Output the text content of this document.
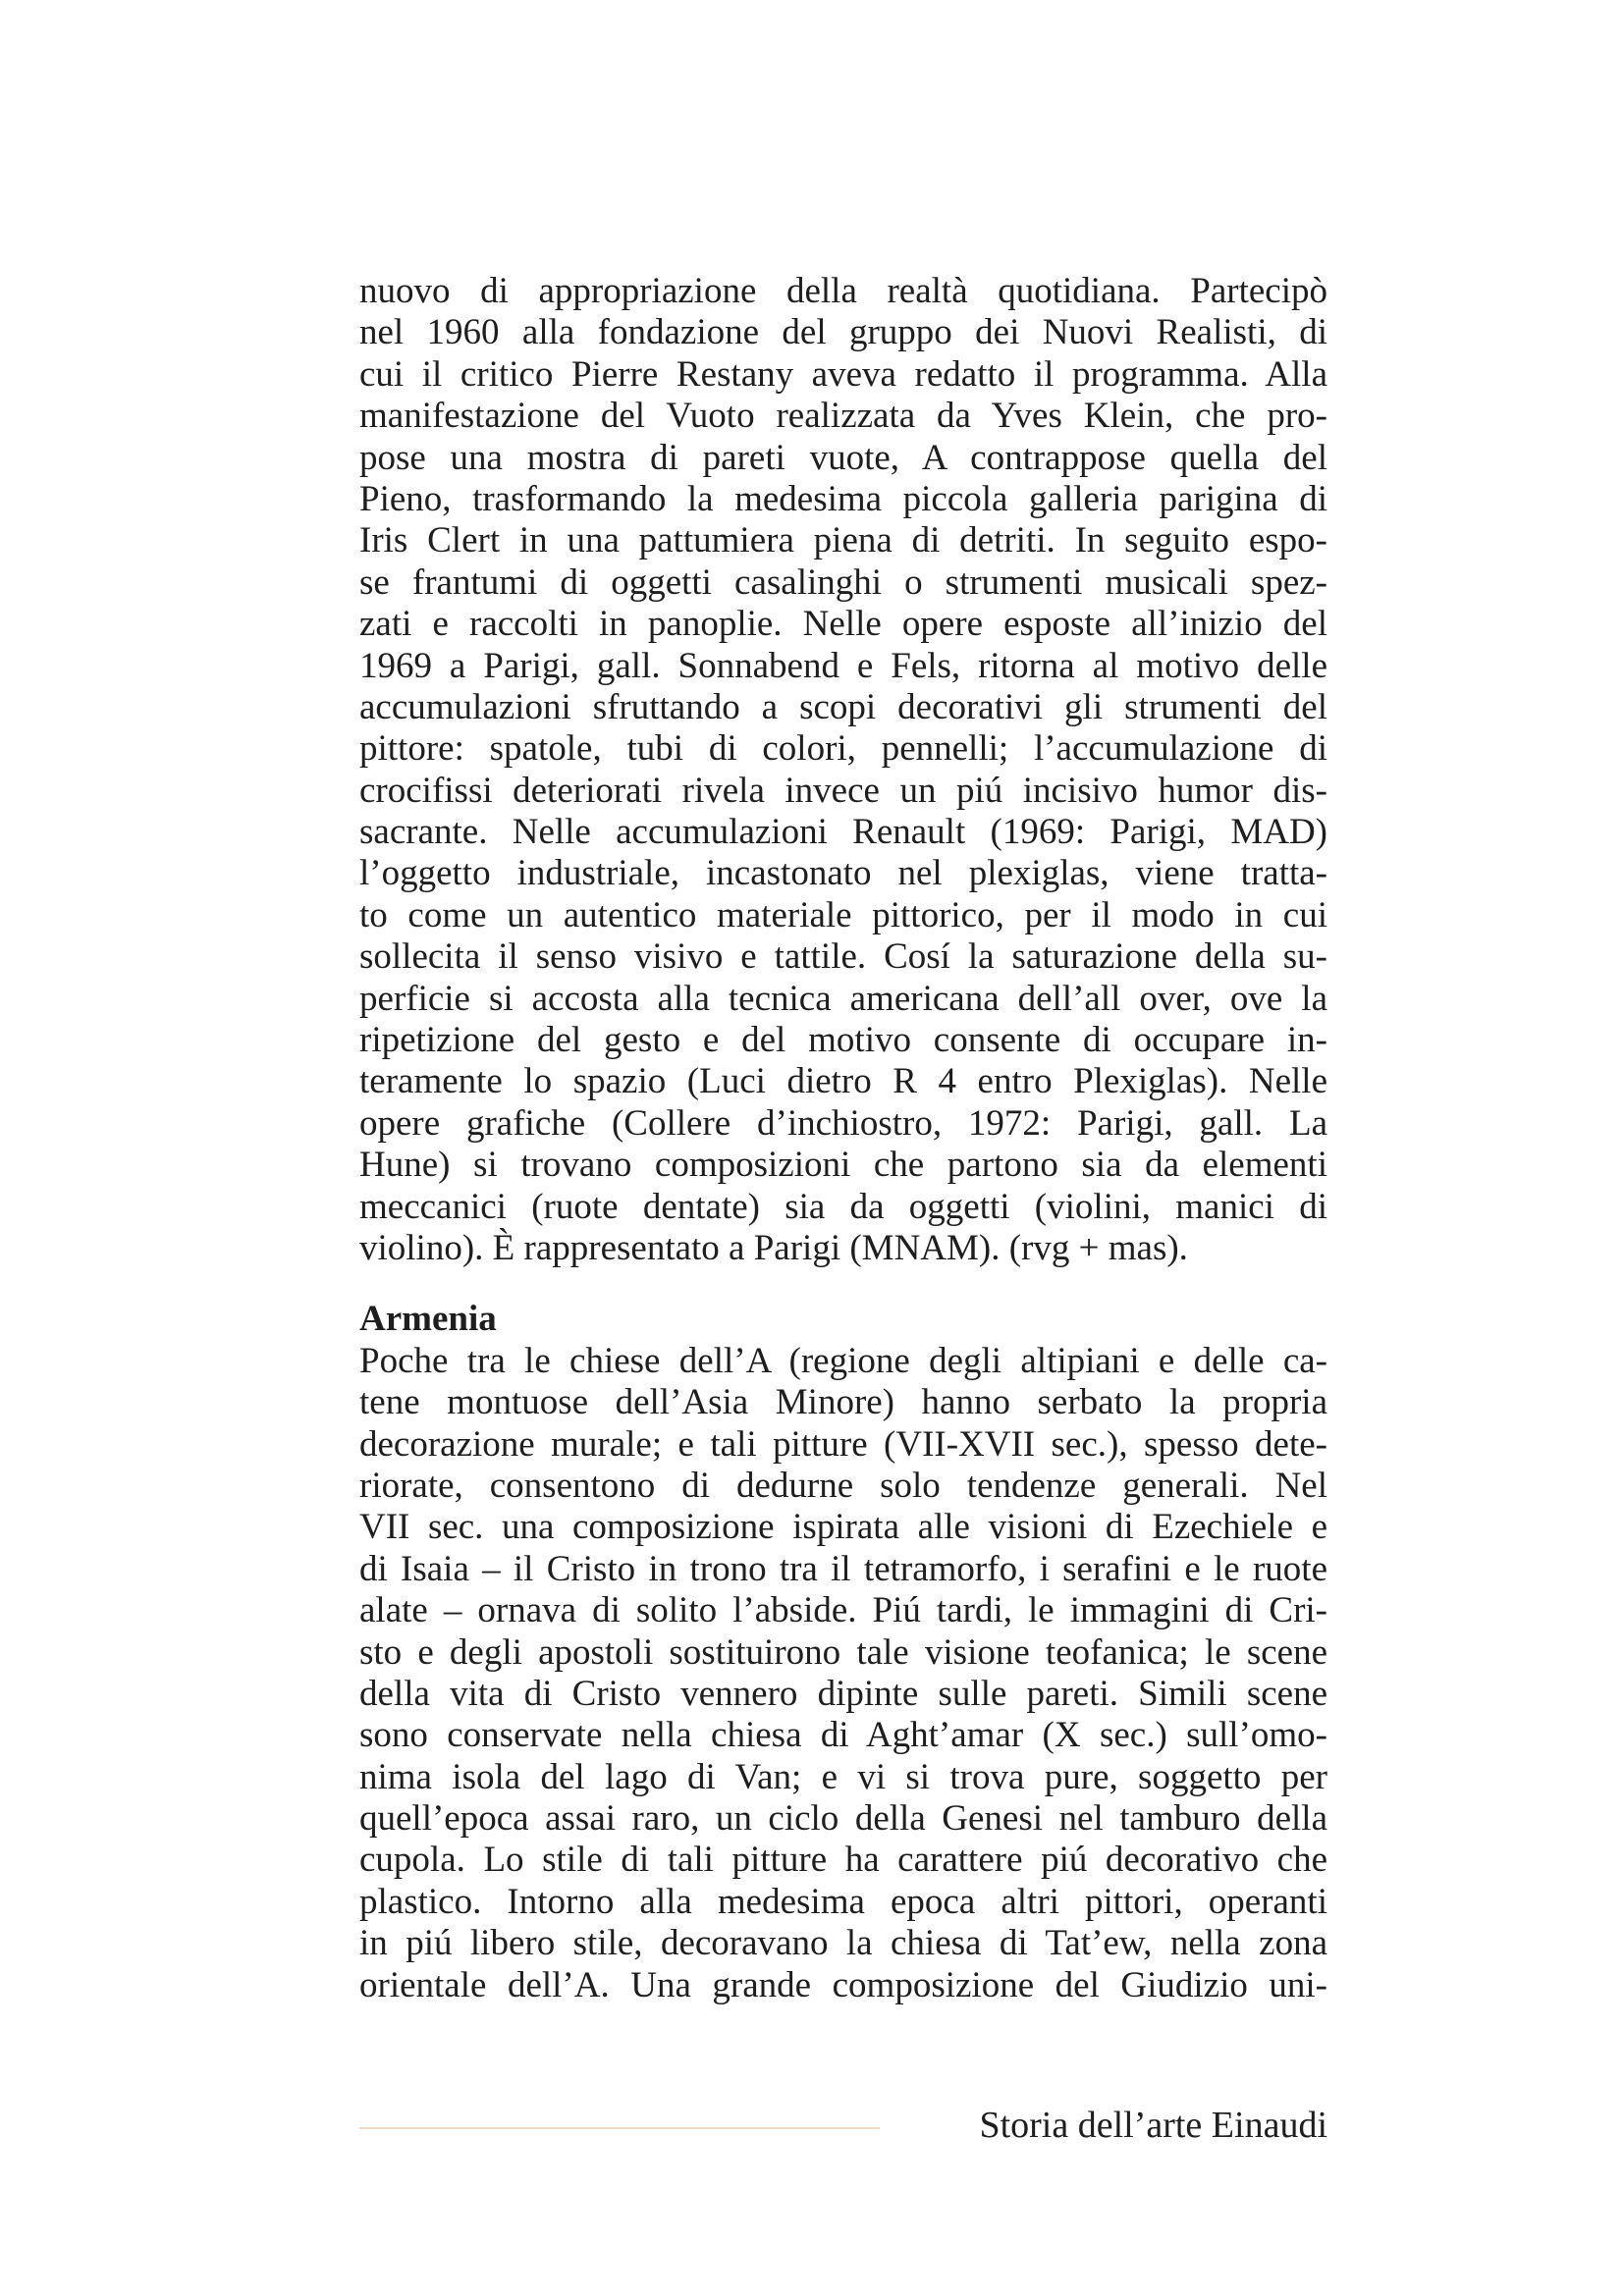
nuovo di appropriazione della realtà quotidiana. Partecipò
nel 1960 alla fondazione del gruppo dei Nuovi Realisti, di
cui il critico Pierre Restany aveva redatto il programma. Alla
manifestazione del Vuoto realizzata da Yves Klein, che pro-
pose una mostra di pareti vuote, A contrappose quella del
Pieno, trasformando la medesima piccola galleria parigina di
Iris Clert in una pattumiera piena di detriti. In seguito espo-
se frantumi di oggetti casalinghi o strumenti musicali spez-
zati e raccolti in panoplie. Nelle opere esposte all’inizio del
1969 a Parigi, gall. Sonnabend e Fels, ritorna al motivo delle
accumulazioni sfruttando a scopi decorativi gli strumenti del
pittore: spatole, tubi di colori, pennelli; l’accumulazione di
crocifissi deteriorati rivela invece un piú incisivo humor dis-
sacrante. Nelle accumulazioni Renault (1969: Parigi, MAD)
l’oggetto industriale, incastonato nel plexiglas, viene tratta-
to come un autentico materiale pittorico, per il modo in cui
sollecita il senso visivo e tattile. Cosí la saturazione della su-
perficie si accosta alla tecnica americana dell’all over, ove la
ripetizione del gesto e del motivo consente di occupare in-
teramente lo spazio (Luci dietro R 4 entro Plexiglas). Nelle
opere grafiche (Collere d’inchiostro, 1972: Parigi, gall. La
Hune) si trovano composizioni che partono sia da elementi
meccanici (ruote dentate) sia da oggetti (violini, manici di
violino). È rappresentato a Parigi (MNAM). (rvg + mas).
Armenia
Poche tra le chiese dell’A (regione degli altipiani e delle ca-
tene montuose dell’Asia Minore) hanno serbato la propria
decorazione murale; e tali pitture (VII-XVII sec.), spesso dete-
riorate, consentono di dedurne solo tendenze generali. Nel
VII sec. una composizione ispirata alle visioni di Ezechiele e
di Isaia – il Cristo in trono tra il tetramorfo, i serafini e le ruote
alate – ornava di solito l’abside. Piú tardi, le immagini di Cri-
sto e degli apostoli sostituirono tale visione teofanica; le scene
della vita di Cristo vennero dipinte sulle pareti. Simili scene
sono conservate nella chiesa di Aght’amar (X sec.) sull’omo-
nima isola del lago di Van; e vi si trova pure, soggetto per
quell’epoca assai raro, un ciclo della Genesi nel tamburo della
cupola. Lo stile di tali pitture ha carattere piú decorativo che
plastico. Intorno alla medesima epoca altri pittori, operanti
in piú libero stile, decoravano la chiesa di Tat’ew, nella zona
orientale dell’A. Una grande composizione del Giudizio uni-
Storia dell’arte Einaudi
